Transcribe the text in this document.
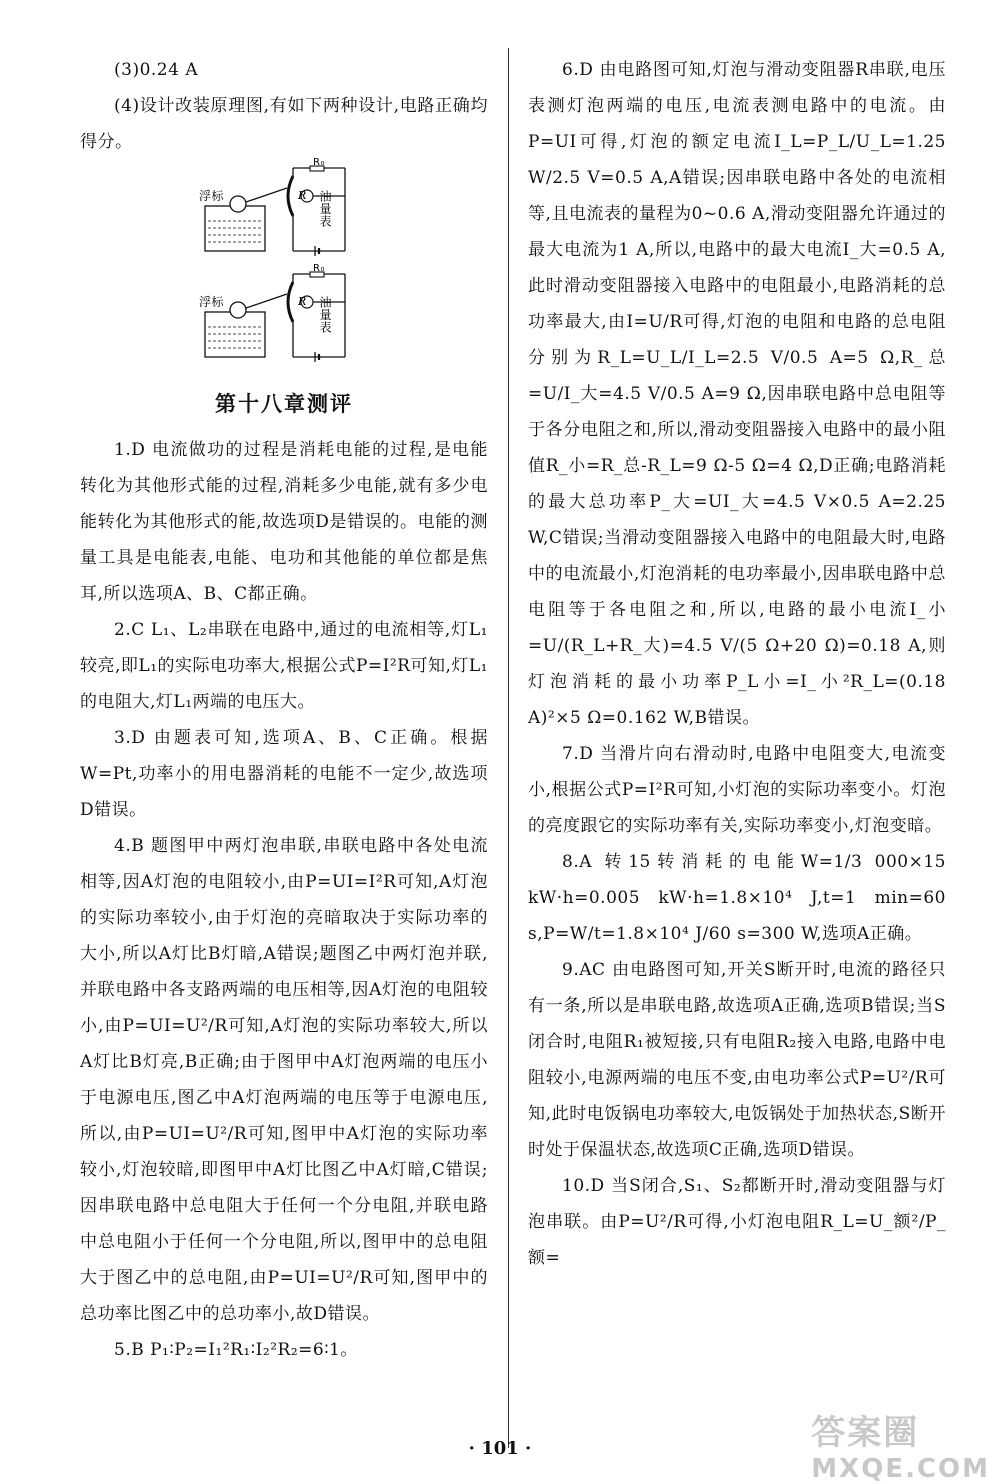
(3)0.24 A

(4)设计改装原理图,有如下两种设计,电路正确均得分。

浮标
R₀
R 油量表
浮标
R₀
R 油量表
第十八章测评

1.D 电流做功的过程是消耗电能的过程,是电能转化为其他形式能的过程,消耗多少电能,就有多少电能转化为其他形式的能,故选项D是错误的。电能的测量工具是电能表,电能、电功和其他能的单位都是焦耳,所以选项A、B、C都正确。

2.C L₁、L₂串联在电路中,通过的电流相等,灯L₁较亮,即L₁的实际电功率大,根据公式P=I²R可知,灯L₁的电阻大,灯L₁两端的电压大。

3.D 由题表可知,选项A、B、C正确。根据W=Pt,功率小的用电器消耗的电能不一定少,故选项D错误。

4.B 题图甲中两灯泡串联,串联电路中各处电流相等,因A灯泡的电阻较小,由P=UI=I²R可知,A灯泡的实际功率较小,由于灯泡的亮暗取决于实际功率的大小,所以A灯比B灯暗,A错误;题图乙中两灯泡并联,并联电路中各支路两端的电压相等,因A灯泡的电阻较小,由P=UI=U²/R可知,A灯泡的实际功率较大,所以A灯比B灯亮,B正确;由于图甲中A灯泡两端的电压小于电源电压,图乙中A灯泡两端的电压等于电源电压,所以,由P=UI=U²/R可知,图甲中A灯泡的实际功率较小,灯泡较暗,即图甲中A灯比图乙中A灯暗,C错误;因串联电路中总电阻大于任何一个分电阻,并联电路中总电阻小于任何一个分电阻,所以,图甲中的总电阻大于图乙中的总电阻,由P=UI=U²/R可知,图甲中的总功率比图乙中的总功率小,故D错误。

5.B P₁∶P₂=I₁²R₁∶I₂²R₂=6∶1。

6.D 由电路图可知,灯泡与滑动变阻器R串联,电压表测灯泡两端的电压,电流表测电路中的电流。由P=UI可得,灯泡的额定电流I_L=P_L/U_L=1.25 W/2.5 V=0.5 A,A错误;因串联电路中各处的电流相等,且电流表的量程为0~0.6 A,滑动变阻器允许通过的最大电流为1 A,所以,电路中的最大电流I_大=0.5 A,此时滑动变阻器接入电路中的电阻最小,电路消耗的总功率最大,由I=U/R可得,灯泡的电阻和电路的总电阻分别为R_L=U_L/I_L=2.5 V/0.5 A=5 Ω,R_总=U/I_大=4.5 V/0.5 A=9 Ω,因串联电路中总电阻等于各分电阻之和,所以,滑动变阻器接入电路中的最小阻值R_小=R_总-R_L=9 Ω-5 Ω=4 Ω,D正确;电路消耗的最大总功率P_大=UI_大=4.5 V×0.5 A=2.25 W,C错误;当滑动变阻器接入电路中的电阻最大时,电路中的电流最小,灯泡消耗的电功率最小,因串联电路中总电阻等于各电阻之和,所以,电路的最小电流I_小=U/(R_L+R_大)=4.5 V/(5 Ω+20 Ω)=0.18 A,则灯泡消耗的最小功率P_L小=I_小²R_L=(0.18 A)²×5 Ω=0.162 W,B错误。

7.D 当滑片向右滑动时,电路中电阻变大,电流变小,根据公式P=I²R可知,小灯泡的实际功率变小。灯泡的亮度跟它的实际功率有关,实际功率变小,灯泡变暗。

8.A 转15转消耗的电能W=1/3 000×15 kW·h=0.005 kW·h=1.8×10⁴ J,t=1 min=60 s,P=W/t=1.8×10⁴ J/60 s=300 W,选项A正确。

9.AC 由电路图可知,开关S断开时,电流的路径只有一条,所以是串联电路,故选项A正确,选项B错误;当S闭合时,电阻R₁被短接,只有电阻R₂接入电路,电路中电阻较小,电源两端的电压不变,由电功率公式P=U²/R可知,此时电饭锅电功率较大,电饭锅处于加热状态,S断开时处于保温状态,故选项C正确,选项D错误。

10.D 当S闭合,S₁、S₂都断开时,滑动变阻器与灯泡串联。由P=U²/R可得,小灯泡电阻R_L=U_额²/P_额=

· 101 ·	答案圈
MXQE.COM
